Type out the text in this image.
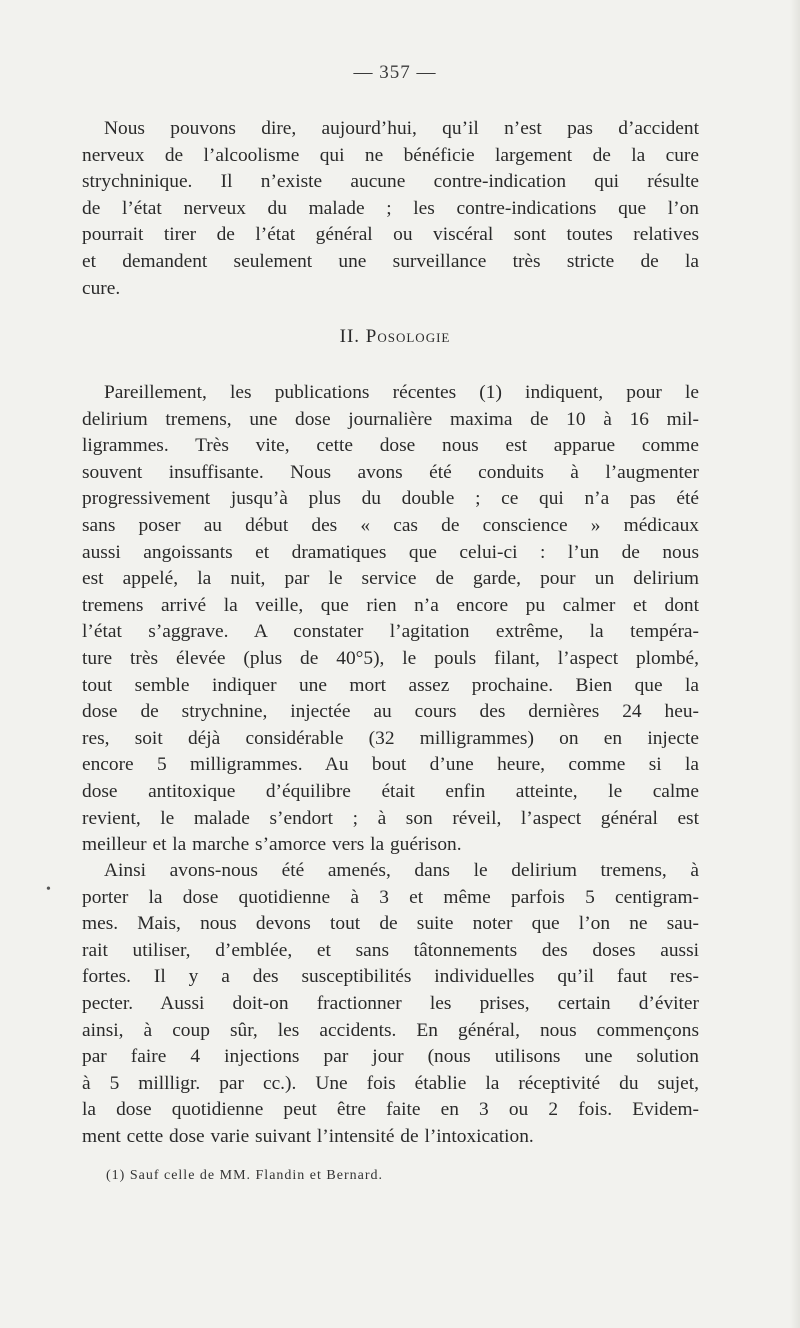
— 357 —
Nous pouvons dire, aujourd’hui, qu’il n’est pas d’accident
nerveux de l’alcoolisme qui ne bénéficie largement de la cure
strychninique. Il n’existe aucune contre-indication qui résulte
de l’état nerveux du malade ; les contre-indications que l’on
pourrait tirer de l’état général ou viscéral sont toutes relatives
et demandent seulement une surveillance très stricte de la
cure.
II. Posologie
Pareillement, les publications récentes (1) indiquent, pour le
delirium tremens, une dose journalière maxima de 10 à 16 mil-
ligrammes. Très vite, cette dose nous est apparue comme
souvent insuffisante. Nous avons été conduits à l’augmenter
progressivement jusqu’à plus du double ; ce qui n’a pas été
sans poser au début des « cas de conscience » médicaux
aussi angoissants et dramatiques que celui-ci : l’un de nous
est appelé, la nuit, par le service de garde, pour un delirium
tremens arrivé la veille, que rien n’a encore pu calmer et dont
l’état s’aggrave. A constater l’agitation extrême, la tempéra-
ture très élevée (plus de 40°5), le pouls filant, l’aspect plombé,
tout semble indiquer une mort assez prochaine. Bien que la
dose de strychnine, injectée au cours des dernières 24 heu-
res, soit déjà considérable (32 milligrammes) on en injecte
encore 5 milligrammes. Au bout d’une heure, comme si la
dose antitoxique d’équilibre était enfin atteinte, le calme
revient, le malade s’endort ; à son réveil, l’aspect général est
meilleur et la marche s’amorce vers la guérison.
•
Ainsi avons-nous été amenés, dans le delirium tremens, à
porter la dose quotidienne à 3 et même parfois 5 centigram-
mes. Mais, nous devons tout de suite noter que l’on ne sau-
rait utiliser, d’emblée, et sans tâtonnements des doses aussi
fortes. Il y a des susceptibilités individuelles qu’il faut res-
pecter. Aussi doit-on fractionner les prises, certain d’éviter
ainsi, à coup sûr, les accidents. En général, nous commençons
par faire 4 injections par jour (nous utilisons une solution
à 5 millligr. par cc.). Une fois établie la réceptivité du sujet,
la dose quotidienne peut être faite en 3 ou 2 fois. Evidem-
ment cette dose varie suivant l’intensité de l’intoxication.
(1) Sauf celle de MM. Flandin et Bernard.
